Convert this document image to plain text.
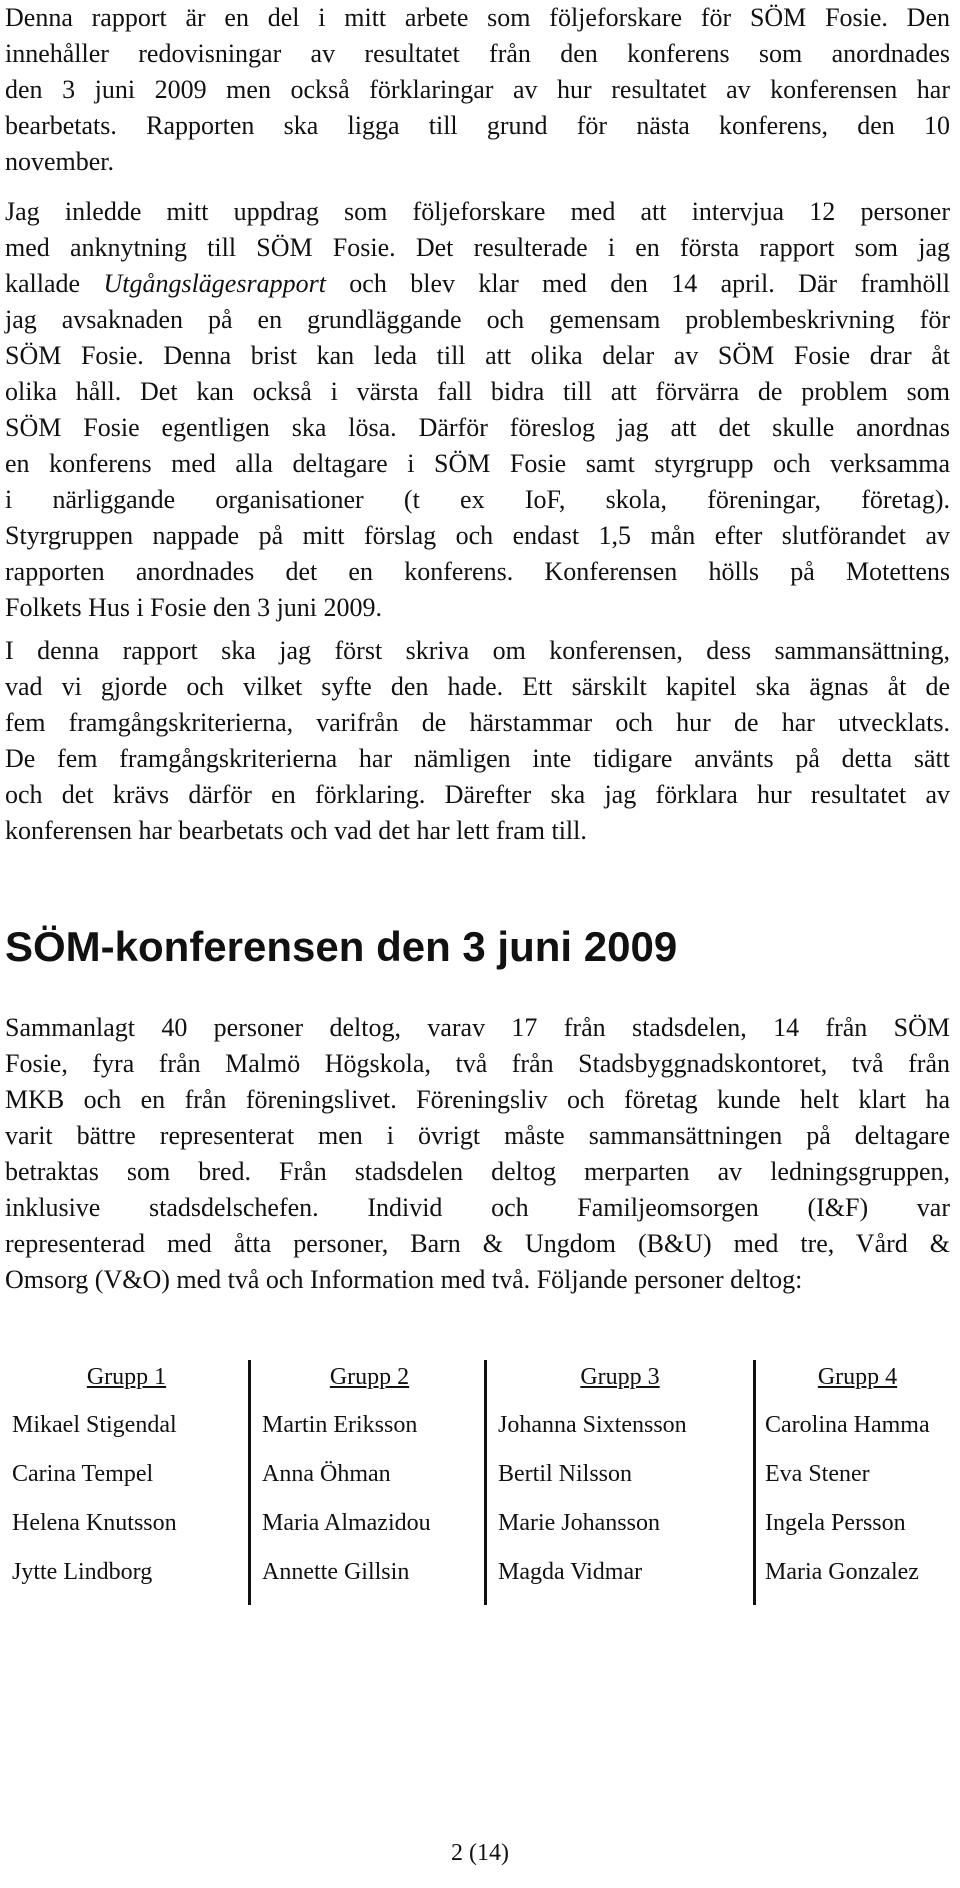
Denna rapport är en del i mitt arbete som följeforskare för SÖM Fosie. Den
innehåller redovisningar av resultatet från den konferens som anordnades
den 3 juni 2009 men också förklaringar av hur resultatet av konferensen har
bearbetats. Rapporten ska ligga till grund för nästa konferens, den 10
november.

Jag inledde mitt uppdrag som följeforskare med att intervjua 12 personer
med anknytning till SÖM Fosie. Det resulterade i en första rapport som jag
kallade Utgångslägesrapport och blev klar med den 14 april. Där framhöll
jag avsaknaden på en grundläggande och gemensam problembeskrivning för
SÖM Fosie. Denna brist kan leda till att olika delar av SÖM Fosie drar åt
olika håll. Det kan också i värsta fall bidra till att förvärra de problem som
SÖM Fosie egentligen ska lösa. Därför föreslog jag att det skulle anordnas
en konferens med alla deltagare i SÖM Fosie samt styrgrupp och verksamma
i närliggande organisationer (t ex IoF, skola, föreningar, företag).
Styrgruppen nappade på mitt förslag och endast 1,5 mån efter slutförandet av
rapporten anordnades det en konferens. Konferensen hölls på Motettens
Folkets Hus i Fosie den 3 juni 2009.

I denna rapport ska jag först skriva om konferensen, dess sammansättning,
vad vi gjorde och vilket syfte den hade. Ett särskilt kapitel ska ägnas åt de
fem framgångskriterierna, varifrån de härstammar och hur de har utvecklats.
De fem framgångskriterierna har nämligen inte tidigare använts på detta sätt
och det krävs därför en förklaring. Därefter ska jag förklara hur resultatet av
konferensen har bearbetats och vad det har lett fram till.

SÖM-konferensen den 3 juni 2009

Sammanlagt 40 personer deltog, varav 17 från stadsdelen, 14 från SÖM
Fosie, fyra från Malmö Högskola, två från Stadsbyggnadskontoret, två från
MKB och en från föreningslivet. Föreningsliv och företag kunde helt klart ha
varit bättre representerat men i övrigt måste sammansättningen på deltagare
betraktas som bred. Från stadsdelen deltog merparten av ledningsgruppen,
inklusive stadsdelschefen. Individ och Familjeomsorgen (I&F) var
representerad med åtta personer, Barn & Ungdom (B&U) med tre, Vård &
Omsorg (V&O) med två och Information med två. Följande personer deltog:

Grupp 1
Mikael Stigendal
Carina Tempel
Helena Knutsson
Jytte Lindborg
Grupp 2
Martin Eriksson
Anna Öhman
Maria Almazidou
Annette Gillsin
Grupp 3
Johanna Sixtensson
Bertil Nilsson
Marie Johansson
Magda Vidmar
Grupp 4
Carolina Hamma
Eva Stener
Ingela Persson
Maria Gonzalez
2 (14)
